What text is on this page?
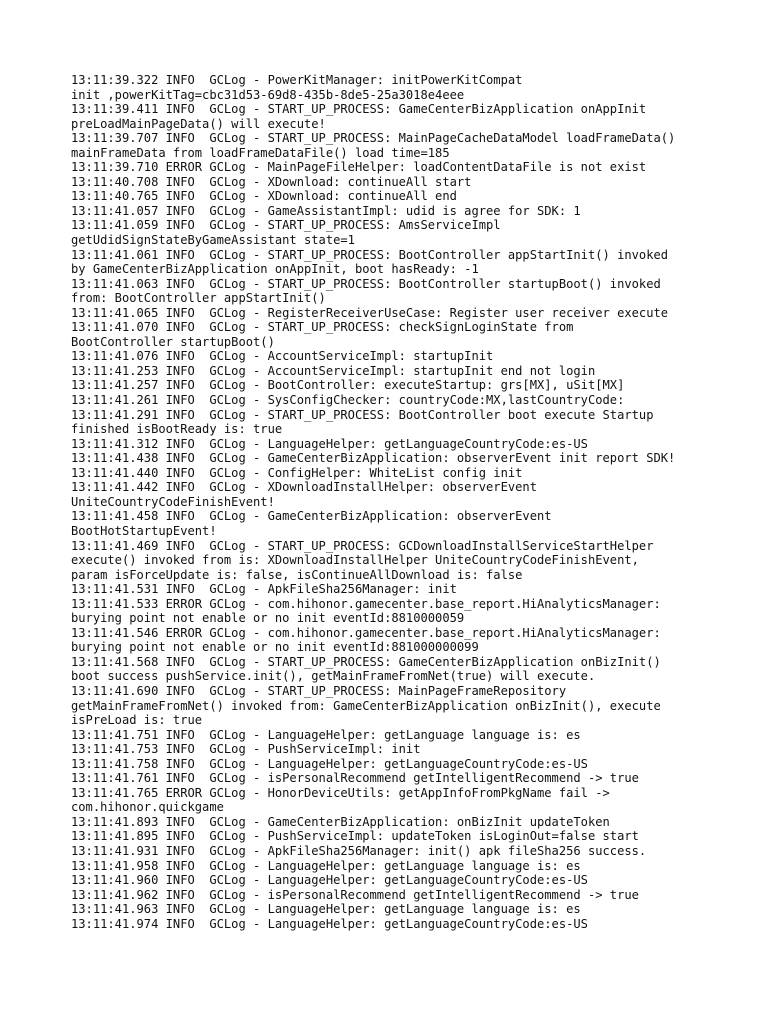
13:11:39.322 INFO  GCLog - PowerKitManager: initPowerKitCompat
init ,powerKitTag=cbc31d53-69d8-435b-8de5-25a3018e4eee
13:11:39.411 INFO  GCLog - START_UP_PROCESS: GameCenterBizApplication onAppInit
preLoadMainPageData() will execute!
13:11:39.707 INFO  GCLog - START_UP_PROCESS: MainPageCacheDataModel loadFrameData()
mainFrameData from loadFrameDataFile() load time=185
13:11:39.710 ERROR GCLog - MainPageFileHelper: loadContentDataFile is not exist
13:11:40.708 INFO  GCLog - XDownload: continueAll start
13:11:40.765 INFO  GCLog - XDownload: continueAll end
13:11:41.057 INFO  GCLog - GameAssistantImpl: udid is agree for SDK: 1
13:11:41.059 INFO  GCLog - START_UP_PROCESS: AmsServiceImpl
getUdidSignStateByGameAssistant state=1
13:11:41.061 INFO  GCLog - START_UP_PROCESS: BootController appStartInit() invoked
by GameCenterBizApplication onAppInit, boot hasReady: -1
13:11:41.063 INFO  GCLog - START_UP_PROCESS: BootController startupBoot() invoked
from: BootController appStartInit()
13:11:41.065 INFO  GCLog - RegisterReceiverUseCase: Register user receiver execute
13:11:41.070 INFO  GCLog - START_UP_PROCESS: checkSignLoginState from
BootController startupBoot()
13:11:41.076 INFO  GCLog - AccountServiceImpl: startupInit
13:11:41.253 INFO  GCLog - AccountServiceImpl: startupInit end not login
13:11:41.257 INFO  GCLog - BootController: executeStartup: grs[MX], uSit[MX]
13:11:41.261 INFO  GCLog - SysConfigChecker: countryCode:MX,lastCountryCode:
13:11:41.291 INFO  GCLog - START_UP_PROCESS: BootController boot execute Startup
finished isBootReady is: true
13:11:41.312 INFO  GCLog - LanguageHelper: getLanguageCountryCode:es-US
13:11:41.438 INFO  GCLog - GameCenterBizApplication: observerEvent init report SDK!
13:11:41.440 INFO  GCLog - ConfigHelper: WhiteList config init
13:11:41.442 INFO  GCLog - XDownloadInstallHelper: observerEvent
UniteCountryCodeFinishEvent!
13:11:41.458 INFO  GCLog - GameCenterBizApplication: observerEvent
BootHotStartupEvent!
13:11:41.469 INFO  GCLog - START_UP_PROCESS: GCDownloadInstallServiceStartHelper
execute() invoked from is: XDownloadInstallHelper UniteCountryCodeFinishEvent,
param isForceUpdate is: false, isContinueAllDownload is: false
13:11:41.531 INFO  GCLog - ApkFileSha256Manager: init
13:11:41.533 ERROR GCLog - com.hihonor.gamecenter.base_report.HiAnalyticsManager:
burying point not enable or no init eventId:8810000059
13:11:41.546 ERROR GCLog - com.hihonor.gamecenter.base_report.HiAnalyticsManager:
burying point not enable or no init eventId:881000000099
13:11:41.568 INFO  GCLog - START_UP_PROCESS: GameCenterBizApplication onBizInit()
boot success pushService.init(), getMainFrameFromNet(true) will execute.
13:11:41.690 INFO  GCLog - START_UP_PROCESS: MainPageFrameRepository
getMainFrameFromNet() invoked from: GameCenterBizApplication onBizInit(), execute
isPreLoad is: true
13:11:41.751 INFO  GCLog - LanguageHelper: getLanguage language is: es
13:11:41.753 INFO  GCLog - PushServiceImpl: init
13:11:41.758 INFO  GCLog - LanguageHelper: getLanguageCountryCode:es-US
13:11:41.761 INFO  GCLog - isPersonalRecommend getIntelligentRecommend -> true
13:11:41.765 ERROR GCLog - HonorDeviceUtils: getAppInfoFromPkgName fail ->
com.hihonor.quickgame
13:11:41.893 INFO  GCLog - GameCenterBizApplication: onBizInit updateToken
13:11:41.895 INFO  GCLog - PushServiceImpl: updateToken isLoginOut=false start
13:11:41.931 INFO  GCLog - ApkFileSha256Manager: init() apk fileSha256 success.
13:11:41.958 INFO  GCLog - LanguageHelper: getLanguage language is: es
13:11:41.960 INFO  GCLog - LanguageHelper: getLanguageCountryCode:es-US
13:11:41.962 INFO  GCLog - isPersonalRecommend getIntelligentRecommend -> true
13:11:41.963 INFO  GCLog - LanguageHelper: getLanguage language is: es
13:11:41.974 INFO  GCLog - LanguageHelper: getLanguageCountryCode:es-US
